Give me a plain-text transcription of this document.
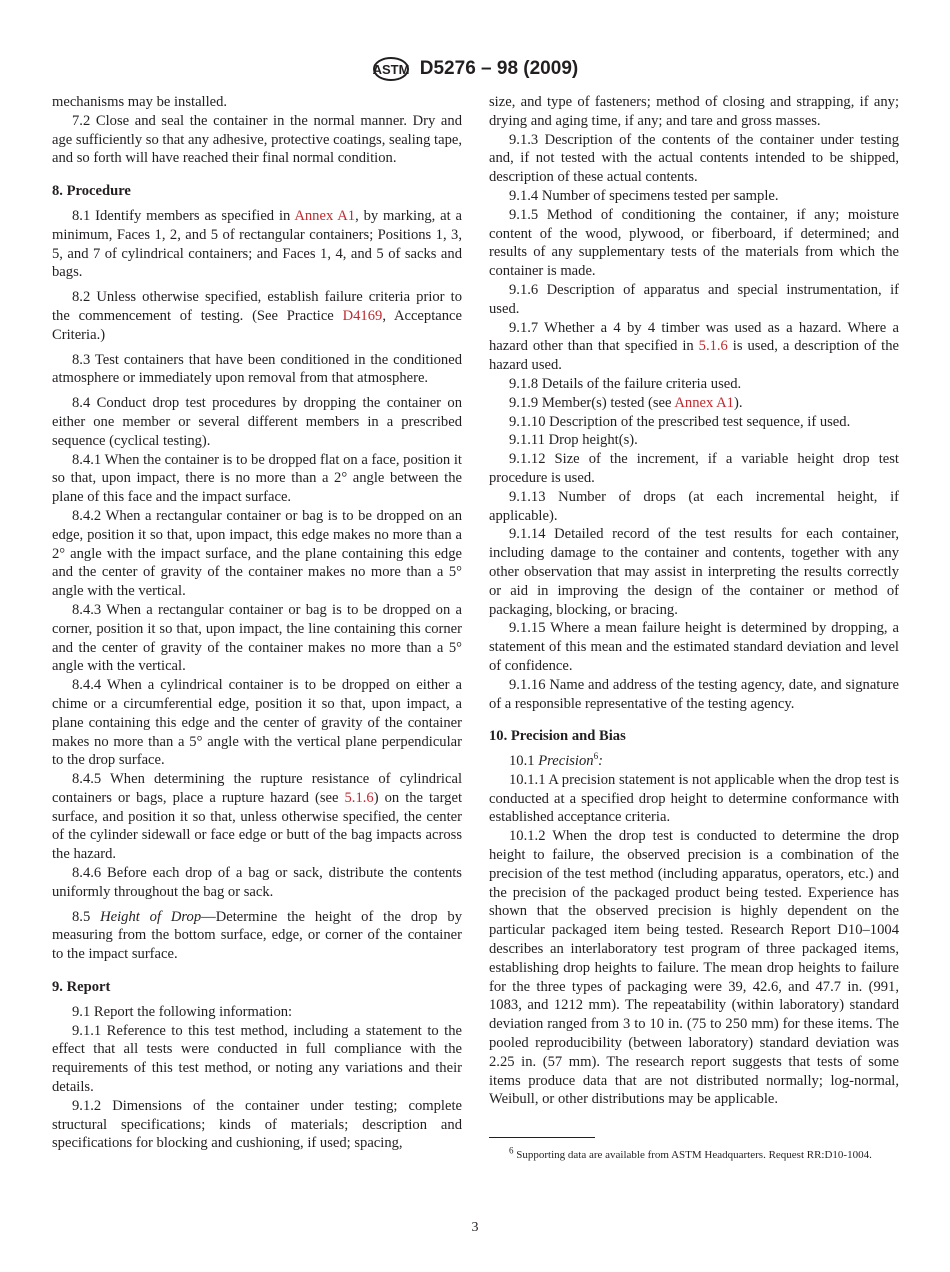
ASTM D5276 – 98 (2009)

mechanisms may be installed.

7.2 Close and seal the container in the normal manner. Dry and age sufficiently so that any adhesive, protective coatings, sealing tape, and so forth will have reached their final normal condition.

8. Procedure

8.1 Identify members as specified in Annex A1, by marking, at a minimum, Faces 1, 2, and 5 of rectangular containers; Positions 1, 3, 5, and 7 of cylindrical containers; and Faces 1, 4, and 5 of sacks and bags.

8.2 Unless otherwise specified, establish failure criteria prior to the commencement of testing. (See Practice D4169, Acceptance Criteria.)

8.3 Test containers that have been conditioned in the conditioned atmosphere or immediately upon removal from that atmosphere.

8.4 Conduct drop test procedures by dropping the container on either one member or several different members in a prescribed sequence (cyclical testing).

8.4.1 When the container is to be dropped flat on a face, position it so that, upon impact, there is no more than a 2° angle between the plane of this face and the impact surface.

8.4.2 When a rectangular container or bag is to be dropped on an edge, position it so that, upon impact, this edge makes no more than a 2° angle with the impact surface, and the plane containing this edge and the center of gravity of the container makes no more than a 5° angle with the vertical.

8.4.3 When a rectangular container or bag is to be dropped on a corner, position it so that, upon impact, the line containing this corner and the center of gravity of the container makes no more than a 5° angle with the vertical.

8.4.4 When a cylindrical container is to be dropped on either a chime or a circumferential edge, position it so that, upon impact, a plane containing this edge and the center of gravity of the container makes no more than a 5° angle with the vertical plane perpendicular to the drop surface.

8.4.5 When determining the rupture resistance of cylindrical containers or bags, place a rupture hazard (see 5.1.6) on the target surface, and position it so that, unless otherwise specified, the center of the cylinder sidewall or face edge or butt of the bag impacts across the hazard.

8.4.6 Before each drop of a bag or sack, distribute the contents uniformly throughout the bag or sack.

8.5 Height of Drop—Determine the height of the drop by measuring from the bottom surface, edge, or corner of the container to the impact surface.

9. Report

9.1 Report the following information:

9.1.1 Reference to this test method, including a statement to the effect that all tests were conducted in full compliance with the requirements of this test method, or noting any variations and their details.

9.1.2 Dimensions of the container under testing; complete structural specifications; kinds of materials; description and specifications for blocking and cushioning, if used; spacing,

size, and type of fasteners; method of closing and strapping, if any; drying and aging time, if any; and tare and gross masses.

9.1.3 Description of the contents of the container under testing and, if not tested with the actual contents intended to be shipped, description of these actual contents.

9.1.4 Number of specimens tested per sample.

9.1.5 Method of conditioning the container, if any; moisture content of the wood, plywood, or fiberboard, if determined; and results of any supplementary tests of the materials from which the container is made.

9.1.6 Description of apparatus and special instrumentation, if used.

9.1.7 Whether a 4 by 4 timber was used as a hazard. Where a hazard other than that specified in 5.1.6 is used, a description of the hazard used.

9.1.8 Details of the failure criteria used.

9.1.9 Member(s) tested (see Annex A1).

9.1.10 Description of the prescribed test sequence, if used.

9.1.11 Drop height(s).

9.1.12 Size of the increment, if a variable height drop test procedure is used.

9.1.13 Number of drops (at each incremental height, if applicable).

9.1.14 Detailed record of the test results for each container, including damage to the container and contents, together with any other observation that may assist in interpreting the results correctly or aid in improving the design of the container or method of packaging, blocking, or bracing.

9.1.15 Where a mean failure height is determined by dropping, a statement of this mean and the estimated standard deviation and level of confidence.

9.1.16 Name and address of the testing agency, date, and signature of a responsible representative of the testing agency.

10. Precision and Bias

10.1 Precision$^6$:

10.1.1 A precision statement is not applicable when the drop test is conducted at a specified drop height to determine conformance with established acceptance criteria.

10.1.2 When the drop test is conducted to determine the drop height to failure, the observed precision is a combination of the precision of the test method (including apparatus, operators, etc.) and the precision of the packaged product being tested. Experience has shown that the observed precision is highly dependent on the particular packaged item being tested. Research Report D10–1004 describes an interlaboratory test program of three packaged items, establishing drop heights to failure. The mean drop heights to failure for the three types of packaging were 39, 42.6, and 47.7 in. (991, 1083, and 1212 mm). The repeatability (within laboratory) standard deviation ranged from 3 to 10 in. (75 to 250 mm) for these items. The pooled reproducibility (between laboratory) standard deviation was 2.25 in. (57 mm). The research report suggests that tests of some items produce data that are not distributed normally; log-normal, Weibull, or other distributions may be applicable.

$^6$ Supporting data are available from ASTM Headquarters. Request RR:D10-1004.
3
